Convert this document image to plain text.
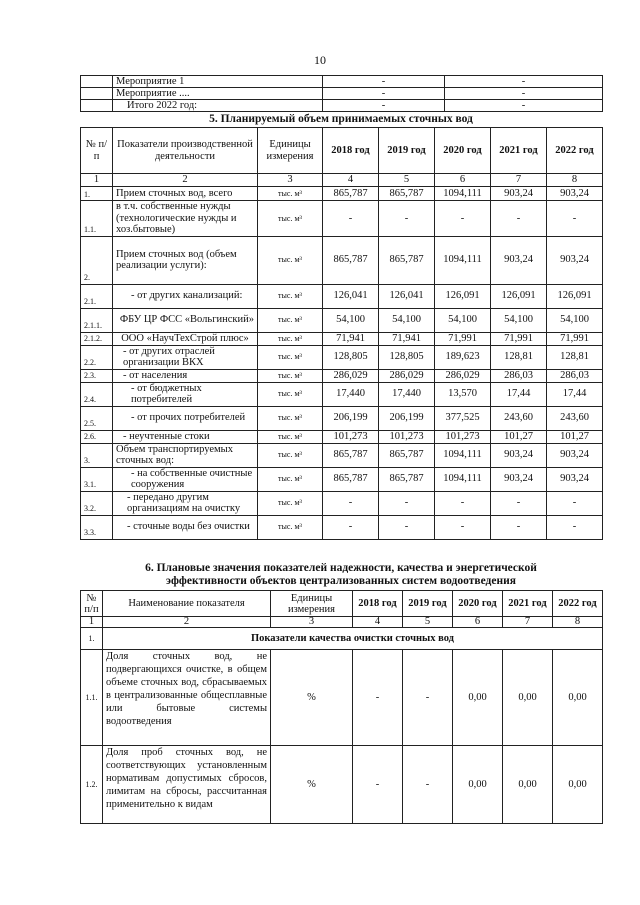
10
	Мероприятие 1	-	-
	Мероприятие ....	-	-
	Итого 2022 год:	-	-
5. Планируемый объем принимаемых сточных вод
№ п/п	Показатели производственной деятельности	Единицы измерения	2018 год	2019 год	2020 год	2021 год	2022 год
1	2	3	4	5	6	7	8
1.	Прием сточных вод, всего	тыс. м³	865,787	865,787	1094,111	903,24	903,24
1.1.	в т.ч. собственные нужды (технологические нужды и хоз.бытовые)	тыс. м³	-	-	-	-	-
2.	Прием сточных вод (объем реализации услуги):	тыс. м³	865,787	865,787	1094,111	903,24	903,24
2.1.	- от других канализаций:	тыс. м³	126,041	126,041	126,091	126,091	126,091
2.1.1.	ФБУ ЦР ФСС «Вольгинский»	тыс. м³	54,100	54,100	54,100	54,100	54,100
2.1.2.	ООО «НаучТехСтрой плюс»	тыс. м³	71,941	71,941	71,991	71,991	71,991
2.2.	- от других отраслей организации ВКХ	тыс. м³	128,805	128,805	189,623	128,81	128,81
2.3.	- от населения	тыс. м³	286,029	286,029	286,029	286,03	286,03
2.4.	- от бюджетных потребителей	тыс. м³	17,440	17,440	13,570	17,44	17,44
2.5.	- от прочих потребителей	тыс. м³	206,199	206,199	377,525	243,60	243,60
2.6.	- неучтенные стоки	тыс. м³	101,273	101,273	101,273	101,27	101,27
3.	Объем транспортируемых сточных вод:	тыс. м³	865,787	865,787	1094,111	903,24	903,24
3.1.	- на собственные очистные сооружения	тыс. м³	865,787	865,787	1094,111	903,24	903,24
3.2.	- передано другим организациям на очистку	тыс. м³	-	-	-	-	-
3.3.	- сточные воды без очистки	тыс. м³	-	-	-	-	-
6. Плановые значения показателей надежности, качества и энергетической
эффективности объектов централизованных систем водоотведения
№ п/п	Наименование показателя	Единицы измерения	2018 год	2019 год	2020 год	2021 год	2022 год
1	2	3	4	5	6	7	8
1.	Показатели качества очистки сточных вод						
1.1.	Доля сточных вод, не подвергающихся очистке, в общем объеме сточных вод, сбрасываемых в централизованные общесплавные или бытовые системы водоотведения	%	-	-	0,00	0,00	0,00
1.2.	Доля проб сточных вод, не соответствующих установленным нормативам допустимых сбросов, лимитам на сбросы, рассчитанная применительно к видам	%	-	-	0,00	0,00	0,00
